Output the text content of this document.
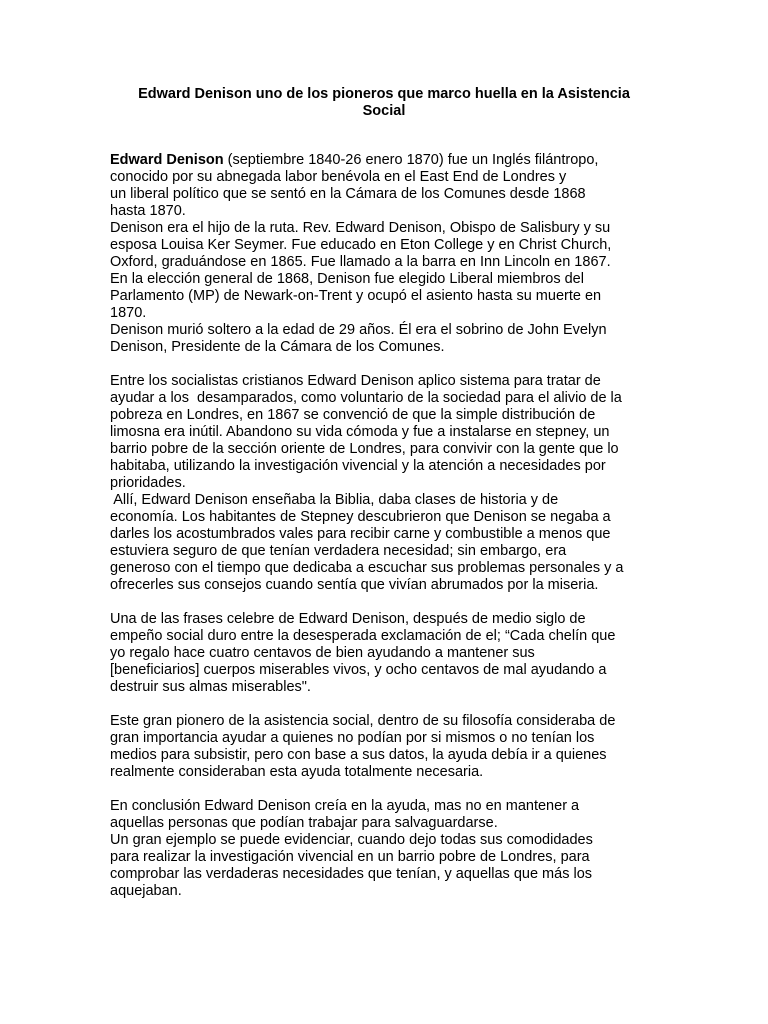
Edward Denison uno de los pioneros que marco huella en la Asistencia
Social
Edward Denison (septiembre 1840-26 enero 1870) fue un Inglés filántropo,
conocido por su abnegada labor benévola en el East End de Londres y
un liberal político que se sentó en la Cámara de los Comunes desde 1868
hasta 1870.
Denison era el hijo de la ruta. Rev. Edward Denison, Obispo de Salisbury y su
esposa Louisa Ker Seymer. Fue educado en Eton College y en Christ Church,
Oxford, graduándose en 1865. Fue llamado a la barra en Inn Lincoln en 1867.
En la elección general de 1868, Denison fue elegido Liberal miembros del
Parlamento (MP) de Newark-on-Trent y ocupó el asiento hasta su muerte en
1870.
Denison murió soltero a la edad de 29 años. Él era el sobrino de John Evelyn
Denison, Presidente de la Cámara de los Comunes.
Entre los socialistas cristianos Edward Denison aplico sistema para tratar de
ayudar a los  desamparados, como voluntario de la sociedad para el alivio de la
pobreza en Londres, en 1867 se convenció de que la simple distribución de
limosna era inútil. Abandono su vida cómoda y fue a instalarse en stepney, un
barrio pobre de la sección oriente de Londres, para convivir con la gente que lo
habitaba, utilizando la investigación vivencial y la atención a necesidades por
prioridades.
Allí, Edward Denison enseñaba la Biblia, daba clases de historia y de
economía. Los habitantes de Stepney descubrieron que Denison se negaba a
darles los acostumbrados vales para recibir carne y combustible a menos que
estuviera seguro de que tenían verdadera necesidad; sin embargo, era
generoso con el tiempo que dedicaba a escuchar sus problemas personales y a
ofrecerles sus consejos cuando sentía que vivían abrumados por la miseria.
Una de las frases celebre de Edward Denison, después de medio siglo de
empeño social duro entre la desesperada exclamación de el; “Cada chelín que
yo regalo hace cuatro centavos de bien ayudando a mantener sus
[beneficiarios] cuerpos miserables vivos, y ocho centavos de mal ayudando a
destruir sus almas miserables".
Este gran pionero de la asistencia social, dentro de su filosofía consideraba de
gran importancia ayudar a quienes no podían por si mismos o no tenían los
medios para subsistir, pero con base a sus datos, la ayuda debía ir a quienes
realmente consideraban esta ayuda totalmente necesaria.
En conclusión Edward Denison creía en la ayuda, mas no en mantener a
aquellas personas que podían trabajar para salvaguardarse.
Un gran ejemplo se puede evidenciar, cuando dejo todas sus comodidades
para realizar la investigación vivencial en un barrio pobre de Londres, para
comprobar las verdaderas necesidades que tenían, y aquellas que más los
aquejaban.
